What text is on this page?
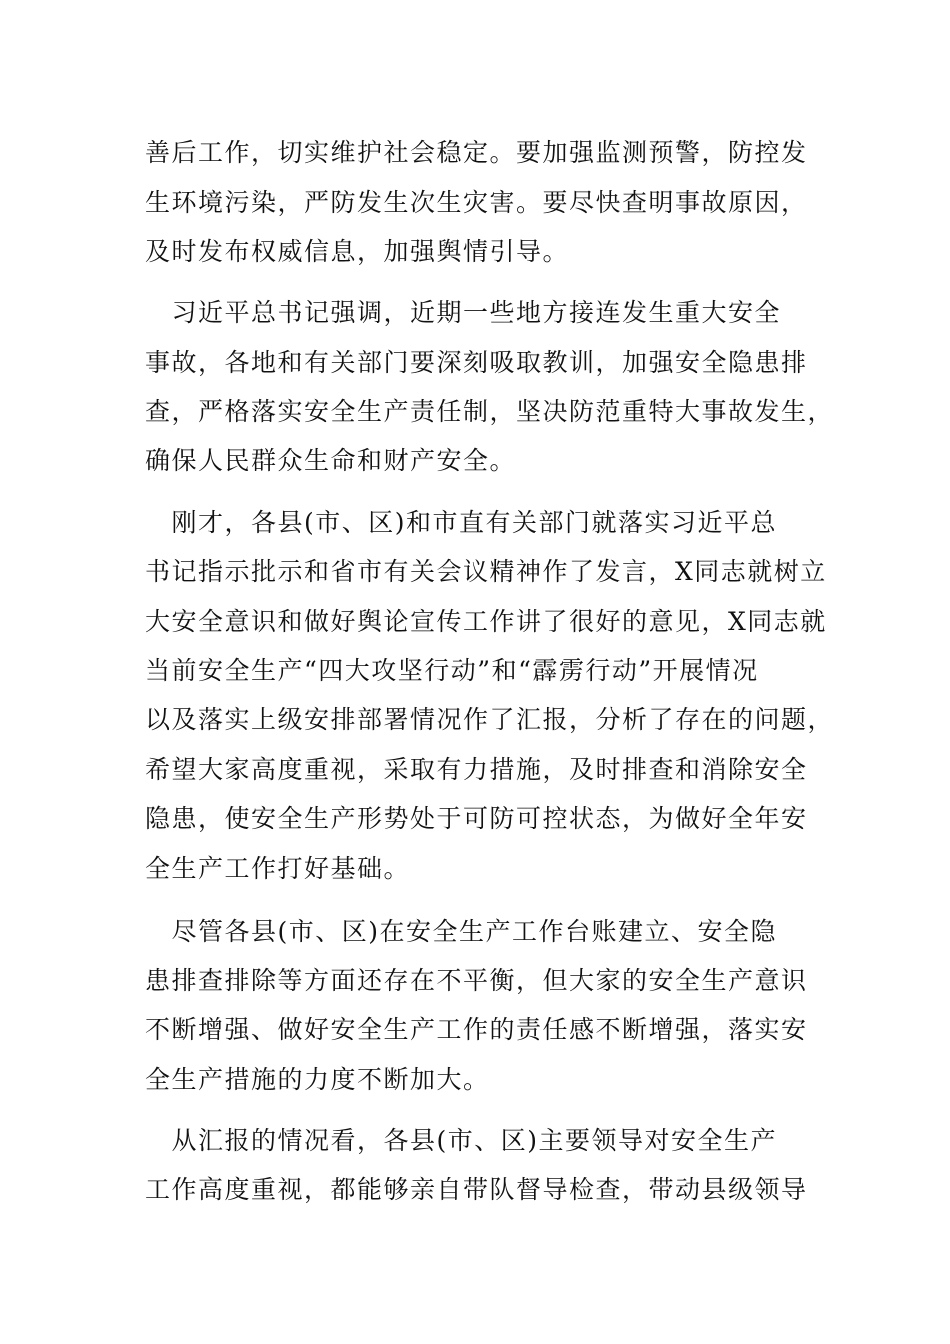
善后工作，切实维护社会稳定。要加强监测预警，防控发
生环境污染，严防发生次生灾害。要尽快查明事故原因，
及时发布权威信息，加强舆情引导。
　习近平总书记强调，近期一些地方接连发生重大安全
事故，各地和有关部门要深刻吸取教训，加强安全隐患排
查，严格落实安全生产责任制，坚决防范重特大事故发生，
确保人民群众生命和财产安全。
　刚才，各县(市、区)和市直有关部门就落实习近平总
书记指示批示和省市有关会议精神作了发言，X同志就树立
大安全意识和做好舆论宣传工作讲了很好的意见，X同志就
当前安全生产“四大攻坚行动”和“霹雳行动”开展情况
以及落实上级安排部署情况作了汇报，分析了存在的问题，
希望大家高度重视，采取有力措施，及时排查和消除安全
隐患，使安全生产形势处于可防可控状态，为做好全年安
全生产工作打好基础。
　尽管各县(市、区)在安全生产工作台账建立、安全隐
患排查排除等方面还存在不平衡，但大家的安全生产意识
不断增强、做好安全生产工作的责任感不断增强，落实安
全生产措施的力度不断加大。
　从汇报的情况看，各县(市、区)主要领导对安全生产
工作高度重视，都能够亲自带队督导检查，带动县级领导
